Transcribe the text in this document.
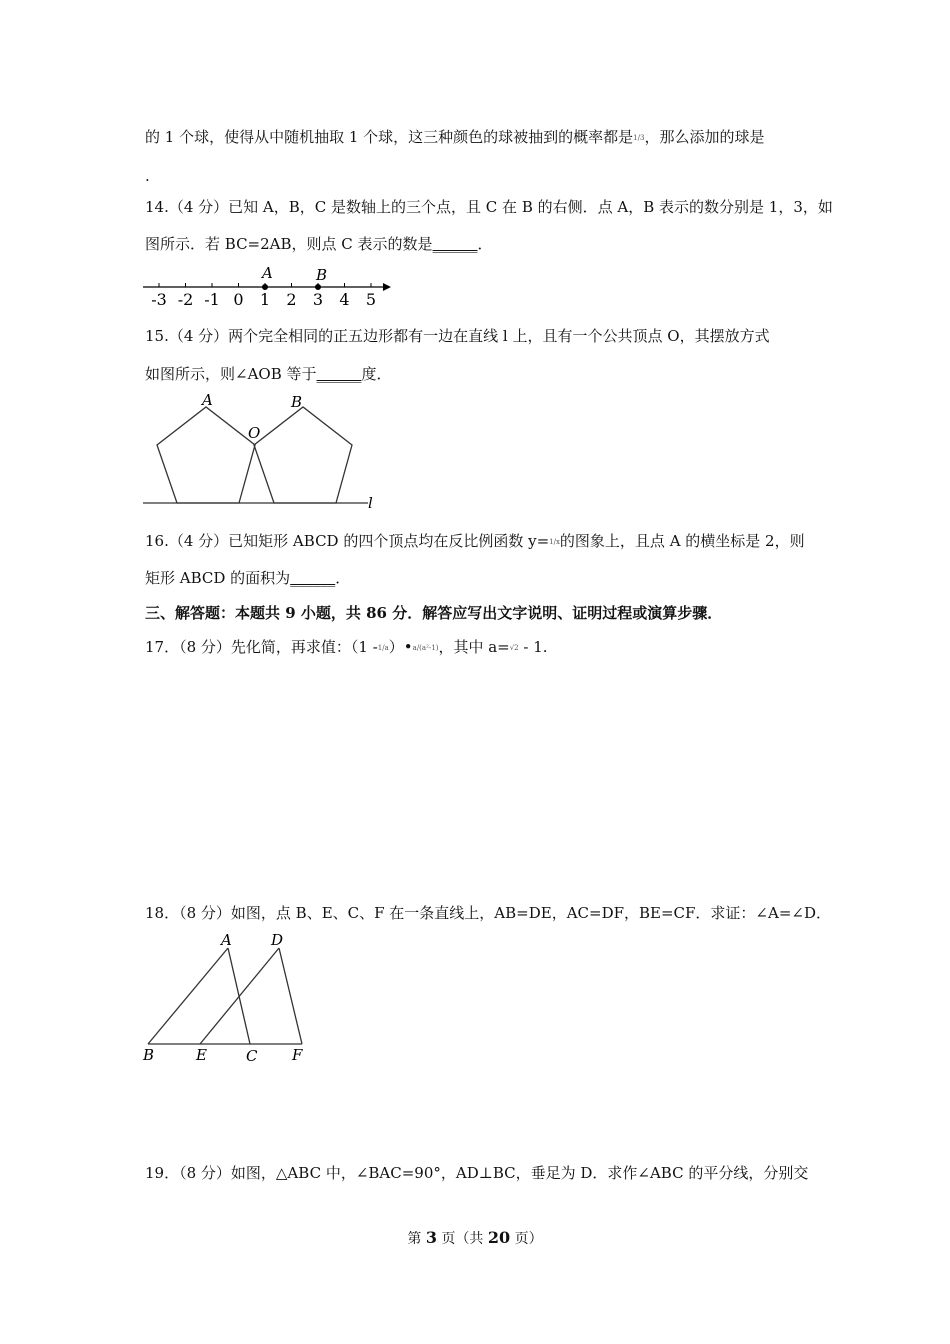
的 1 个球，使得从中随机抽取 1 个球，这三种颜色的球被抽到的概率都是1/3，那么添加的球是
.
14.（4 分）已知 A，B，C 是数轴上的三个点，且 C 在 B 的右侧．点 A，B 表示的数分别是 1，3，如
图所示．若 BC=2AB，则点 C 表示的数是______．
-3 -2 -1 0 1 2 3 4 5
A	B
15.（4 分）两个完全相同的正五边形都有一边在直线 l 上，且有一个公共顶点 O，其摆放方式
如图所示，则∠AOB 等于______度．
A	B
O
l
16.（4 分）已知矩形 ABCD 的四个顶点均在反比例函数 y=1/x的图象上，且点 A 的横坐标是 2，则
矩形 ABCD 的面积为______．
三、解答题：本题共 9 小题，共 86 分．解答应写出文字说明、证明过程或演算步骤．
17．（8 分）先化简，再求值：（1 -1/a）•a/(a²-1)，其中 a=√2 - 1.
18．（8 分）如图，点 B、E、C、F 在一条直线上，AB=DE，AC=DF，BE=CF．求证：∠A=∠D．
A	D
B	E	C F
19．（8 分）如图，△ABC 中，∠BAC=90°，AD⊥BC，垂足为 D．求作∠ABC 的平分线，分别交
第 3 页（共 20 页）
